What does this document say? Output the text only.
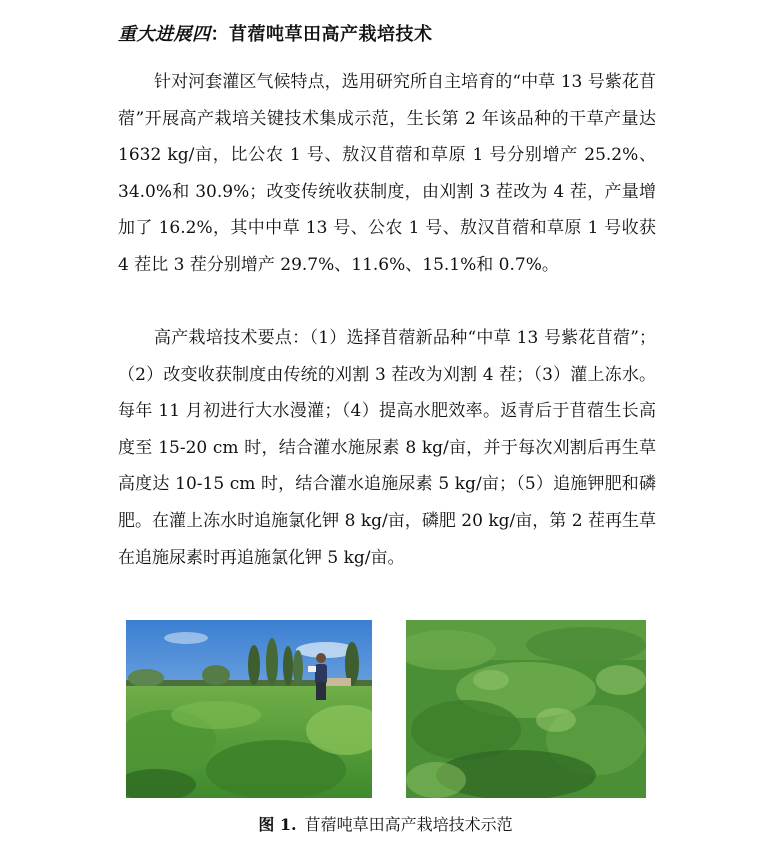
重大进展四：苜蓿吨草田高产栽培技术

针对河套灌区气候特点，选用研究所自主培育的“中草 13 号紫花苜蓿”开展高产栽培关键技术集成示范，生长第 2 年该品种的干草产量达 1632 kg/亩，比公农 1 号、敖汉苜蓿和草原 1 号分别增产 25.2%、34.0%和 30.9%；改变传统收获制度，由刈割 3 茬改为 4 茬，产量增加了 16.2%，其中中草 13 号、公农 1 号、敖汉苜蓿和草原 1 号收获 4 茬比 3 茬分别增产 29.7%、11.6%、15.1%和 0.7%。

高产栽培技术要点：（1）选择苜蓿新品种“中草 13 号紫花苜蓿”；（2）改变收获制度由传统的刈割 3 茬改为刈割 4 茬；（3）灌上冻水。每年 11 月初进行大水漫灌；（4）提高水肥效率。返青后于苜蓿生长高度至 15-20 cm 时，结合灌水施尿素 8 kg/亩，并于每次刈割后再生草高度达 10-15 cm 时，结合灌水追施尿素 5 kg/亩；（5）追施钾肥和磷肥。在灌上冻水时追施氯化钾 8 kg/亩，磷肥 20 kg/亩，第 2 茬再生草在追施尿素时再追施氯化钾 5 kg/亩。

图 1. 苜蓿吨草田高产栽培技术示范
